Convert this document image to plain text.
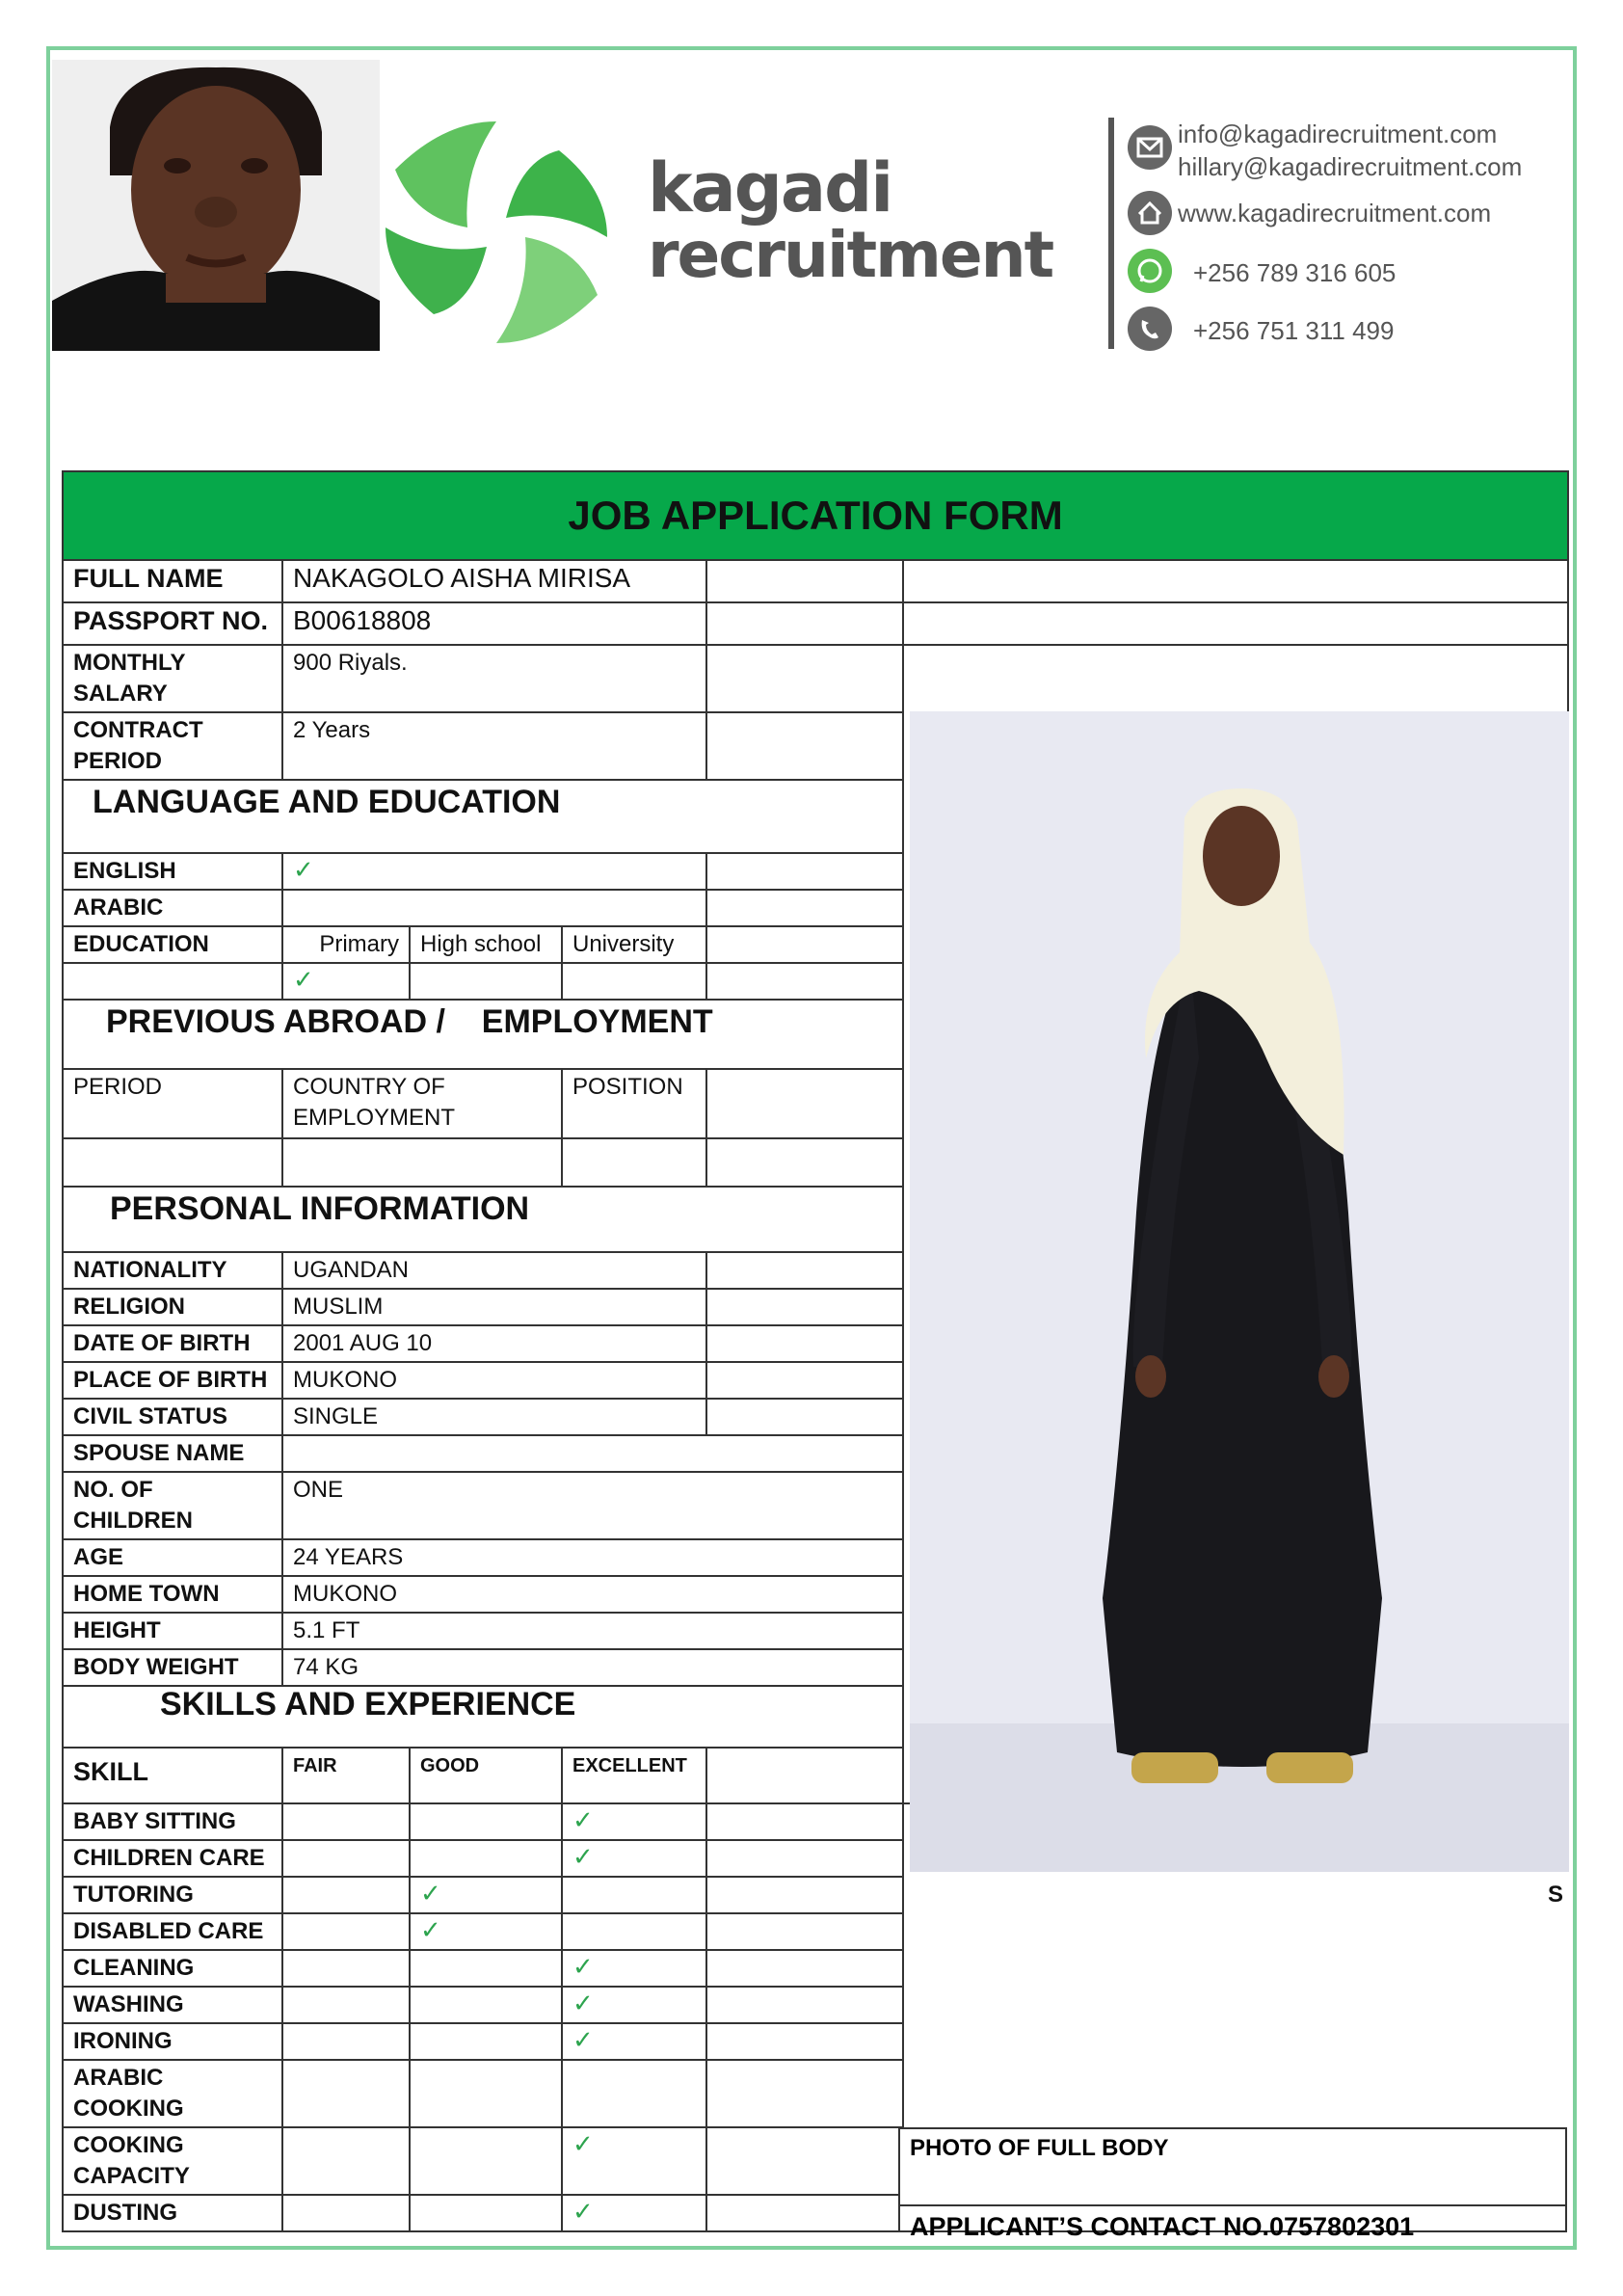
kagadi
recruitment
info@kagadirecruitment.com
hillary@kagadirecruitment.com
www.kagadirecruitment.com
+256 789 316 605
+256 751 311 499
JOB APPLICATION FORM					
FULL NAME	NAKAGOLO AISHA MIRISA				
PASSPORT NO.	B00618808				
MONTHLY SALARY	900 Riyals.				S

CONTRACT PERIOD	2 Years				
LANGUAGE AND EDUCATION					
ENGLISH	✓				
ARABIC					
EDUCATION	Primary	High school	University		
	✓				
PREVIOUS ABROAD /    EMPLOYMENT					
PERIOD	COUNTRY OF EMPLOYMENT		POSITION		

PERSONAL INFORMATION					
NATIONALITY	UGANDAN				
RELIGION	MUSLIM				
DATE OF BIRTH	2001 AUG 10				
PLACE OF BIRTH	MUKONO				
CIVIL STATUS	SINGLE				
SPOUSE NAME					
NO. OF CHILDREN	ONE				
AGE	24 YEARS				
HOME TOWN	MUKONO				
HEIGHT	5.1 FT				
BODY WEIGHT	74 KG				
SKILLS AND EXPERIENCE					
SKILL	FAIR	GOOD	EXCELLENT		
BABY SITTING			✓		
CHILDREN CARE			✓		
TUTORING		✓			
DISABLED CARE		✓			
CLEANING			✓		
WASHING			✓		
IRONING			✓		
ARABIC COOKING					
COOKING CAPACITY			✓		
DUSTING			✓		
PHOTO OF FULL BODY
APPLICANT’S CONTACT NO.0757802301
